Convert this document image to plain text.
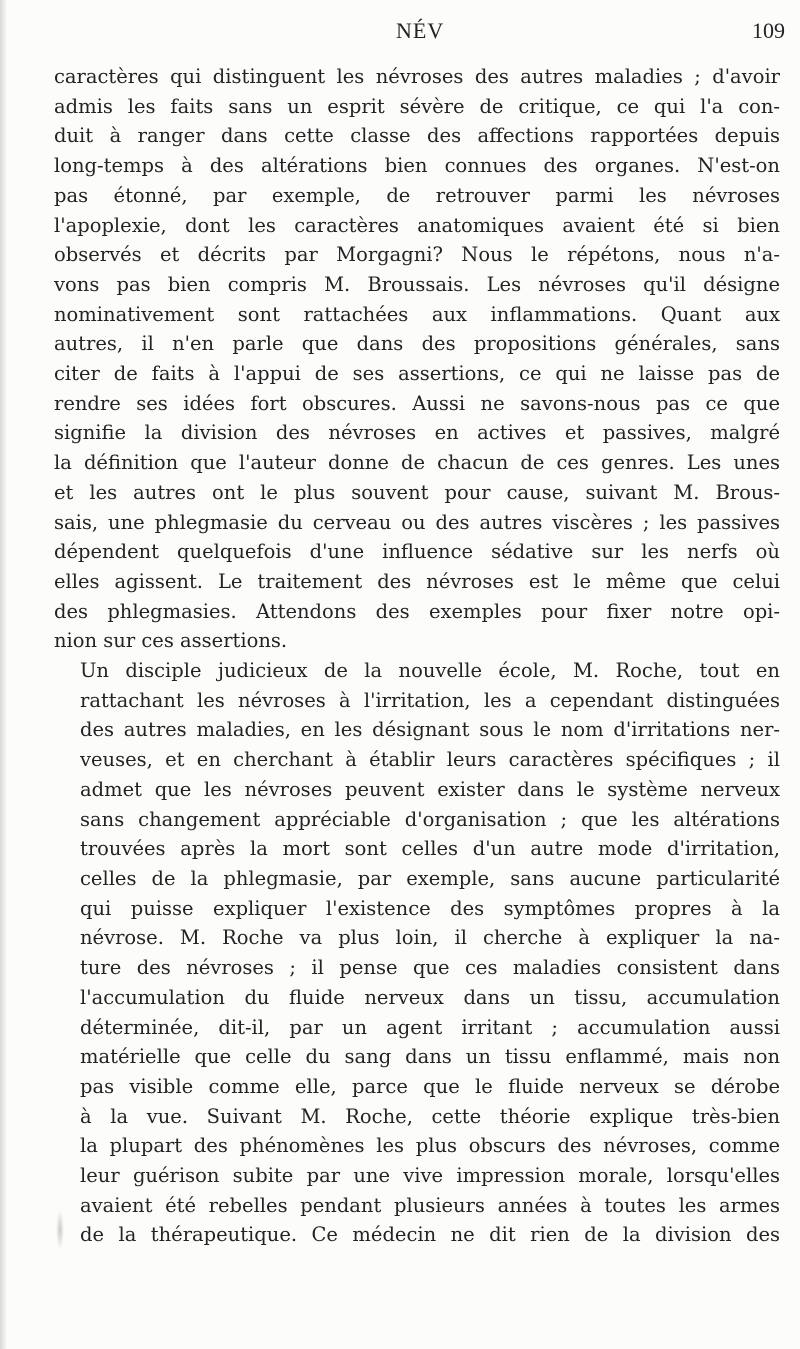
NÉV	109

caractères qui distinguent les névroses des autres maladies ; d'avoir
admis les faits sans un esprit sévère de critique, ce qui l'a con-
duit à ranger dans cette classe des affections rapportées depuis
long-temps à des altérations bien connues des organes. N'est-on
pas étonné, par exemple, de retrouver parmi les névroses
l'apoplexie, dont les caractères anatomiques avaient été si bien
observés et décrits par Morgagni? Nous le répétons, nous n'a-
vons pas bien compris M. Broussais. Les névroses qu'il désigne
nominativement sont rattachées aux inflammations. Quant aux
autres, il n'en parle que dans des propositions générales, sans
citer de faits à l'appui de ses assertions, ce qui ne laisse pas de
rendre ses idées fort obscures. Aussi ne savons-nous pas ce que
signifie la division des névroses en actives et passives, malgré
la définition que l'auteur donne de chacun de ces genres. Les unes
et les autres ont le plus souvent pour cause, suivant M. Brous-
sais, une phlegmasie du cerveau ou des autres viscères ; les passives
dépendent quelquefois d'une influence sédative sur les nerfs où
elles agissent. Le traitement des névroses est le même que celui
des phlegmasies. Attendons des exemples pour fixer notre opi-
nion sur ces assertions.

Un disciple judicieux de la nouvelle école, M. Roche, tout en
rattachant les névroses à l'irritation, les a cependant distinguées
des autres maladies, en les désignant sous le nom d'irritations ner-
veuses, et en cherchant à établir leurs caractères spécifiques ; il
admet que les névroses peuvent exister dans le système nerveux
sans changement appréciable d'organisation ; que les altérations
trouvées après la mort sont celles d'un autre mode d'irritation,
celles de la phlegmasie, par exemple, sans aucune particularité
qui puisse expliquer l'existence des symptômes propres à la
névrose. M. Roche va plus loin, il cherche à expliquer la na-
ture des névroses ; il pense que ces maladies consistent dans
l'accumulation du fluide nerveux dans un tissu, accumulation
déterminée, dit-il, par un agent irritant ; accumulation aussi
matérielle que celle du sang dans un tissu enflammé, mais non
pas visible comme elle, parce que le fluide nerveux se dérobe
à la vue. Suivant M. Roche, cette théorie explique très-bien
la plupart des phénomènes les plus obscurs des névroses, comme
leur guérison subite par une vive impression morale, lorsqu'elles
avaient été rebelles pendant plusieurs années à toutes les armes
de la thérapeutique. Ce médecin ne dit rien de la division des
